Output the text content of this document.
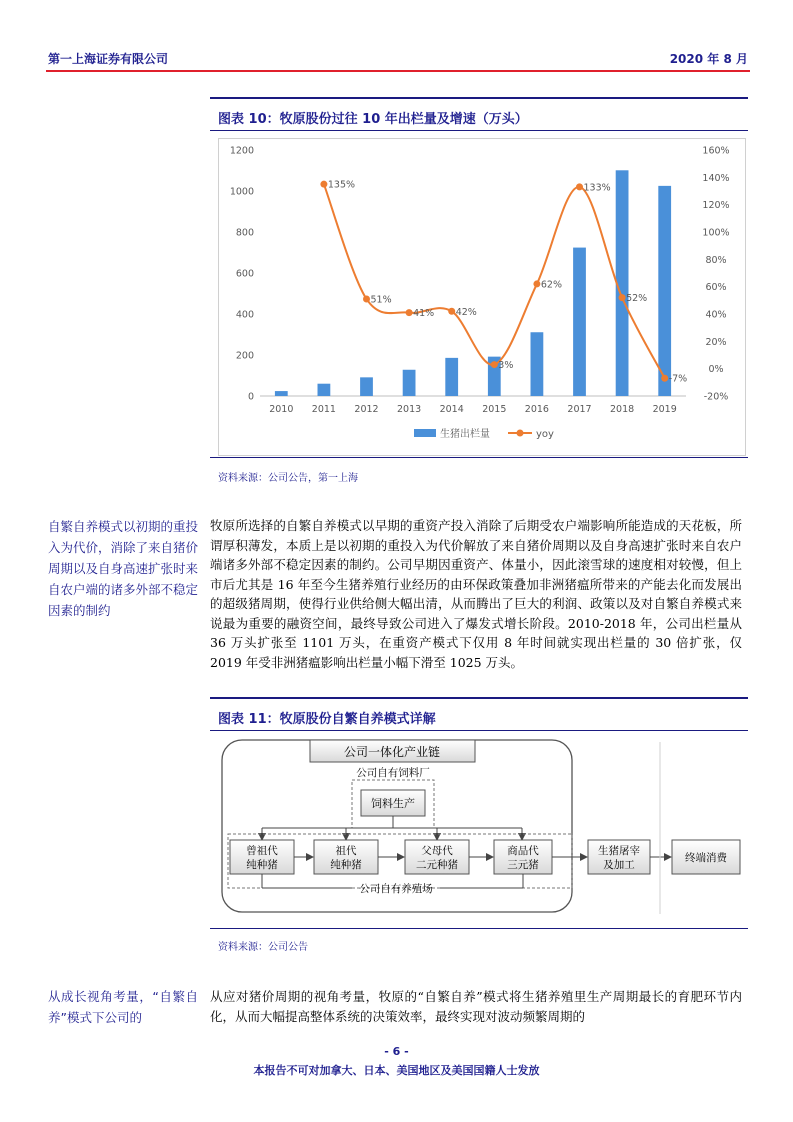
第一上海证券有限公司	2020 年 8 月
图表 10：牧原股份过往 10 年出栏量及增速（万头）
135%
51%
41% 42%
3%
62%
133%
52%
-7%
0
200
400
600
800
1000
1200
-20%
0%
20%
40%
60%
80%
100%
120%
140%
160%
2010 2011 2012 2013 2014 2015 2016 2017 2018 2019
生猪出栏量	yoy
资料来源：公司公告，第一上海
自繁自养模式以初期的重投入为代价，消除了来自猪价周期以及自身高速扩张时来自农户端的诸多外部不稳定因素的制约
牧原所选择的自繁自养模式以早期的重资产投入消除了后期受农户端影响所能造成的天花板，所谓厚积薄发，本质上是以初期的重投入为代价解放了来自猪价周期以及自身高速扩张时来自农户端诸多外部不稳定因素的制约。公司早期因重资产、体量小，因此滚雪球的速度相对较慢，但上市后尤其是 16 年至今生猪养殖行业经历的由环保政策叠加非洲猪瘟所带来的产能去化而发展出的超级猪周期，使得行业供给侧大幅出清，从而腾出了巨大的利润、政策以及对自繁自养模式来说最为重要的融资空间，最终导致公司进入了爆发式增长阶段。2010-2018 年，公司出栏量从 36 万头扩张至 1101 万头，在重资产模式下仅用 8 年时间就实现出栏量的 30 倍扩张，仅 2019 年受非洲猪瘟影响出栏量小幅下滑至 1025 万头。
图表 11：牧原股份自繁自养模式详解
公司一体化产业链
公司自有饲料厂
饲料生产
曾祖代
纯种猪
祖代
纯种猪
父母代
二元种猪
商品代
三元猪
公司自有养殖场
生猪屠宰
及加工
终端消费
资料来源：公司公告
从成长视角考量，“自繁自养”模式下公司的
从应对猪价周期的视角考量，牧原的“自繁自养”模式将生猪养殖里生产周期最长的育肥环节内化，从而大幅提高整体系统的决策效率，最终实现对波动频繁周期的
- 6 -
本报告不可对加拿大、日本、美国地区及美国国籍人士发放
